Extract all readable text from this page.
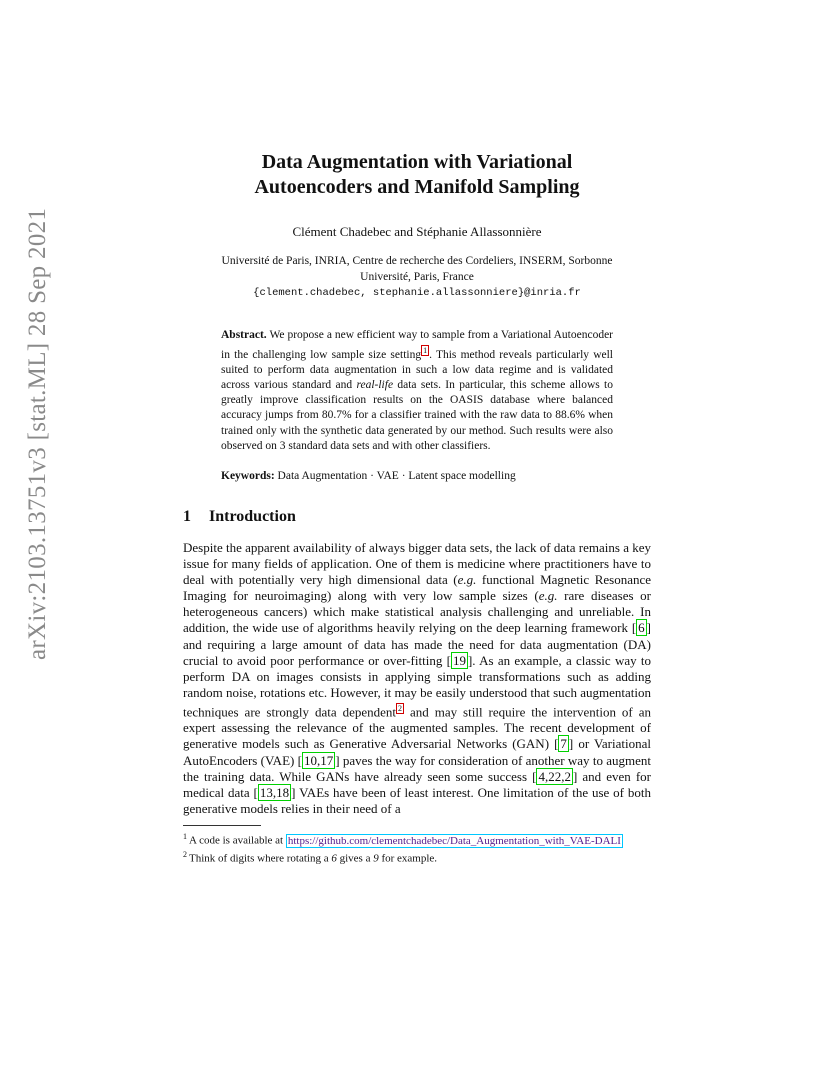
arXiv:2103.13751v3 [stat.ML] 28 Sep 2021
Data Augmentation with Variational
Autoencoders and Manifold Sampling
Clément Chadebec and Stéphanie Allassonnière
Université de Paris, INRIA, Centre de recherche des Cordeliers, INSERM, Sorbonne
Université, Paris, France
{clement.chadebec, stephanie.allassonniere}@inria.fr
Abstract. We propose a new efficient way to sample from a Variational Autoencoder in the challenging low sample size setting $^1$ . This method reveals particularly well suited to perform data augmentation in such a low data regime and is validated across various standard and real-life data sets. In particular, this scheme allows to greatly improve classification results on the OASIS database where balanced accuracy jumps from 80.7% for a classifier trained with the raw data to 88.6% when trained only with the synthetic data generated by our method. Such results were also observed on 3 standard data sets and with other classifiers.
Keywords: Data Augmentation · VAE · Latent space modelling
1 Introduction
Despite the apparent availability of always bigger data sets, the lack of data remains a key issue for many fields of application. One of them is medicine where practitioners have to deal with potentially very high dimensional data (e.g. functional Magnetic Resonance Imaging for neuroimaging) along with very low sample sizes (e.g. rare diseases or heterogeneous cancers) which make statistical analysis challenging and unreliable. In addition, the wide use of algorithms heavily relying on the deep learning framework [ 6 ] and requiring a large amount of data has made the need for data augmentation (DA) crucial to avoid poor performance or over-fitting [ 19 ]. As an example, a classic way to perform DA on images consists in applying simple transformations such as adding random noise, rotations etc. However, it may be easily understood that such augmentation techniques are strongly data dependent $^2$ and may still require the intervention of an expert assessing the relevance of the augmented samples. The recent development of generative models such as Generative Adversarial Networks (GAN) [ 7 ] or Variational AutoEncoders (VAE) [ 10,17 ] paves the way for consideration of another way to augment the training data. While GANs have already seen some success [ 4,22,2 ] and even for medical data [ 13,18 ] VAEs have been of least interest. One limitation of the use of both generative models relies in their need of a
$^1$ A code is available at https://github.com/clementchadebec/Data_Augmentation_with_VAE-DALI
$^2$ Think of digits where rotating a 6 gives a 9 for example.
